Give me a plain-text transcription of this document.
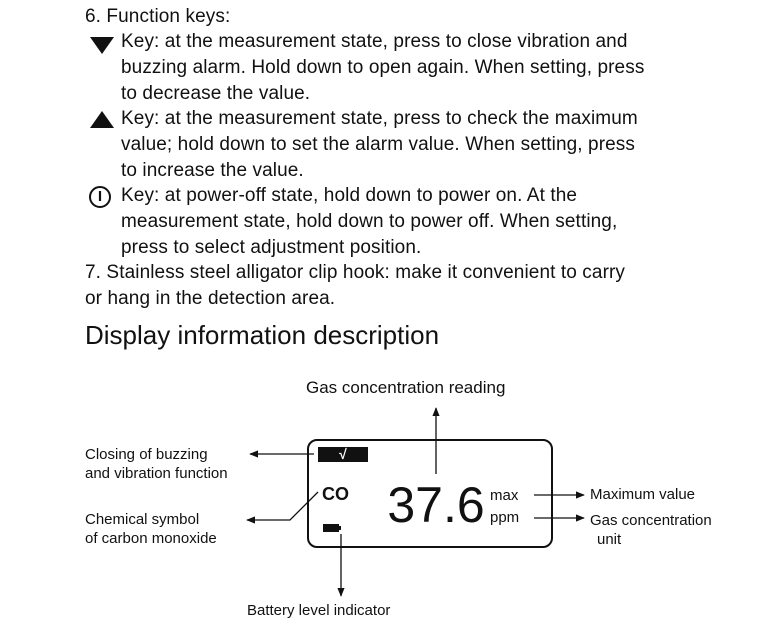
6. Function keys:
Key: at the measurement state, press to close vibration and
buzzing alarm. Hold down to open again. When setting, press
to decrease the value.
Key: at the measurement state, press to check the maximum
value; hold down to set the alarm value. When setting, press
to increase the value.
Key: at power-off state, hold down to power on. At the
measurement state, hold down to power off. When setting,
press to select adjustment position.
7. Stainless steel alligator clip hook: make it convenient to carry
or hang in the detection area.
Display information description
Gas concentration reading
Closing of buzzing
and vibration function
Chemical symbol
of carbon monoxide
Battery level indicator
Maximum value
Gas concentration
unit
√
CO 37.6 max
ppm
